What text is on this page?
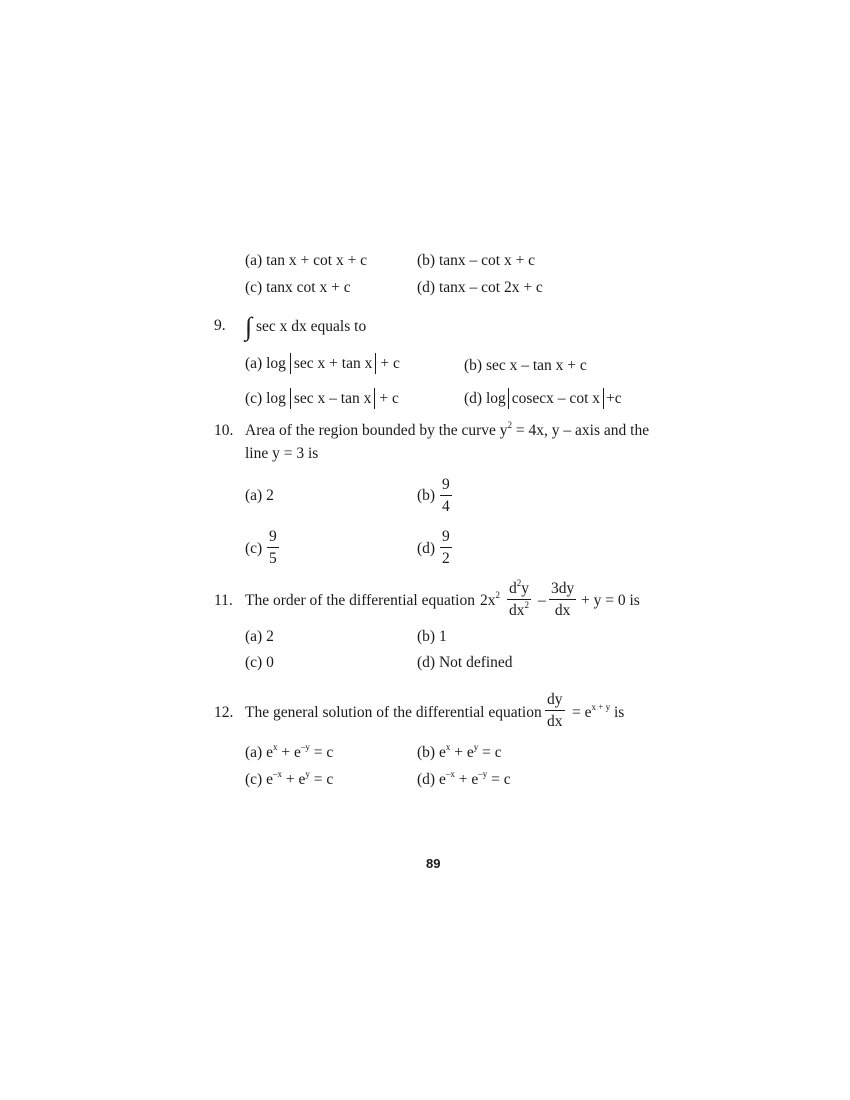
(a) tan x + cot x + c	(b) tanx – cot x + c
(c) tanx cot x + c	(d) tanx – cot 2x + c
9. ∫ sec x dx equals to
(a) log sec x + tan x + c	(b) sec x – tan x + c
(c) log sec x – tan x + c	(d) log cosecx – cot x +c
10. Area of the region bounded by the curve $y^2 = 4x$, y – axis and the
line y = 3 is
(a) 2	$(b) \frac{9}{4}$
$(c) \frac{9}{5}$	$(d) \frac{9}{2}$
11. The order of the differential equation $2x^2 \frac{d^2y}{dx^2} - \frac{3dy}{dx} + y = 0$ is
(a) 2	(b) 1
(c) 0	(d) Not defined
12. The general solution of the differential equation $\frac{dy}{dx} = e^{x + y}$ is
(a) $e^x + e^{-y} = c$	(b) $e^x + e^y = c$
(c) $e^{-x} + e^y = c$	(d) $e^{-x} + e^{-y} = c$
89
